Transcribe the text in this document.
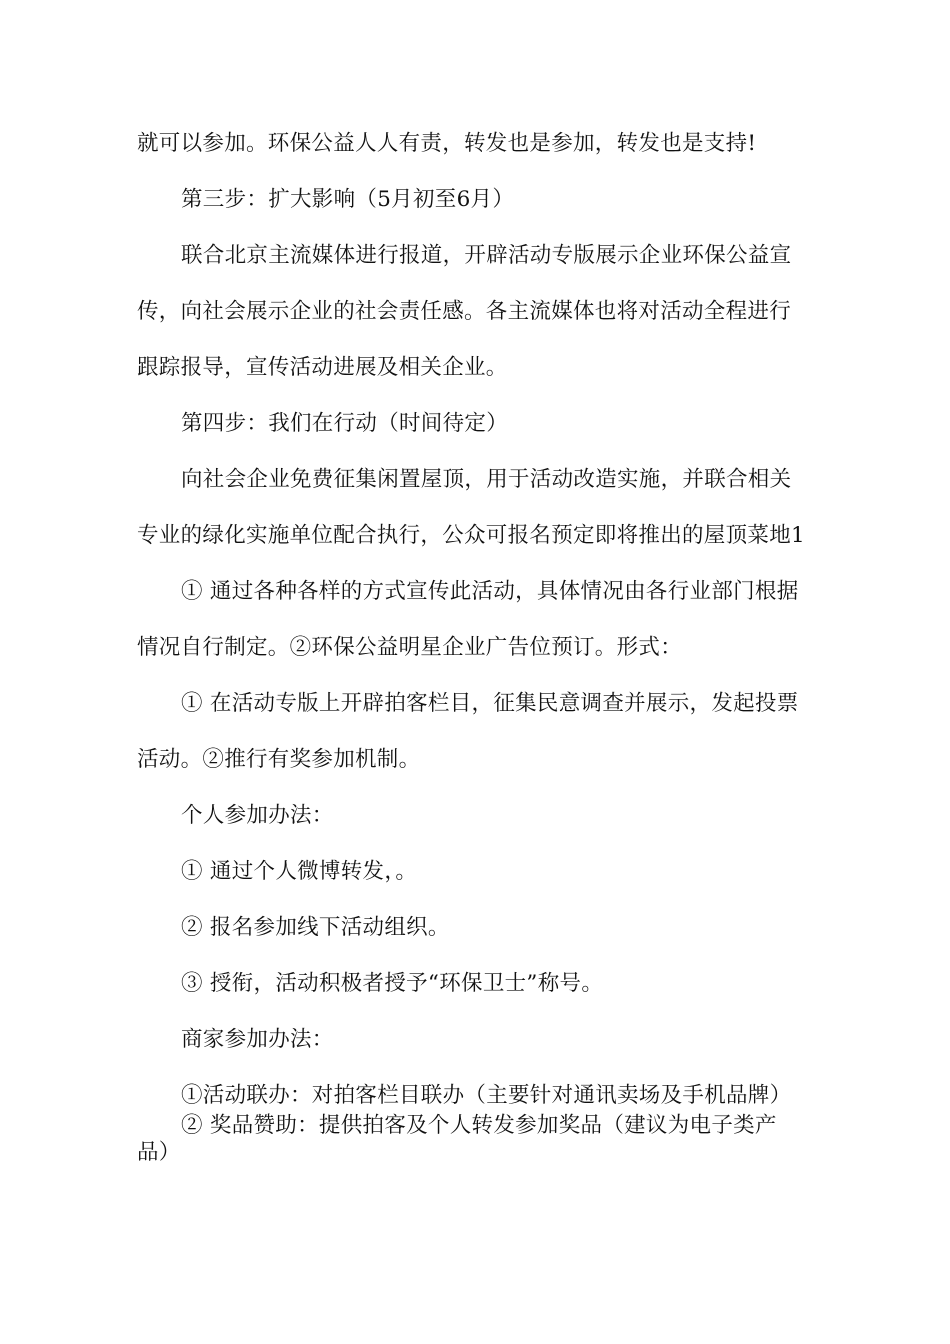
就可以参加。环保公益人人有责，转发也是参加，转发也是支持!
第三步：扩大影响（5月初至6月）
联合北京主流媒体进行报道，开辟活动专版展示企业环保公益宣
传，向社会展示企业的社会责任感。各主流媒体也将对活动全程进行
跟踪报导，宣传活动进展及相关企业。
第四步：我们在行动（时间待定）
向社会企业免费征集闲置屋顶，用于活动改造实施，并联合相关
专业的绿化实施单位配合执行，公众可报名预定即将推出的屋顶菜地1
① 通过各种各样的方式宣传此活动，具体情况由各行业部门根据
情况自行制定。②环保公益明星企业广告位预订。形式：
① 在活动专版上开辟拍客栏目，征集民意调查并展示，发起投票
活动。②推行有奖参加机制。
个人参加办法：
① 通过个人微博转发，。
② 报名参加线下活动组织。
③ 授衔，活动积极者授予“环保卫士”称号。
商家参加办法：
①活动联办：对拍客栏目联办（主要针对通讯卖场及手机品牌）
② 奖品赞助：提供拍客及个人转发参加奖品（建议为电子类产
品）
